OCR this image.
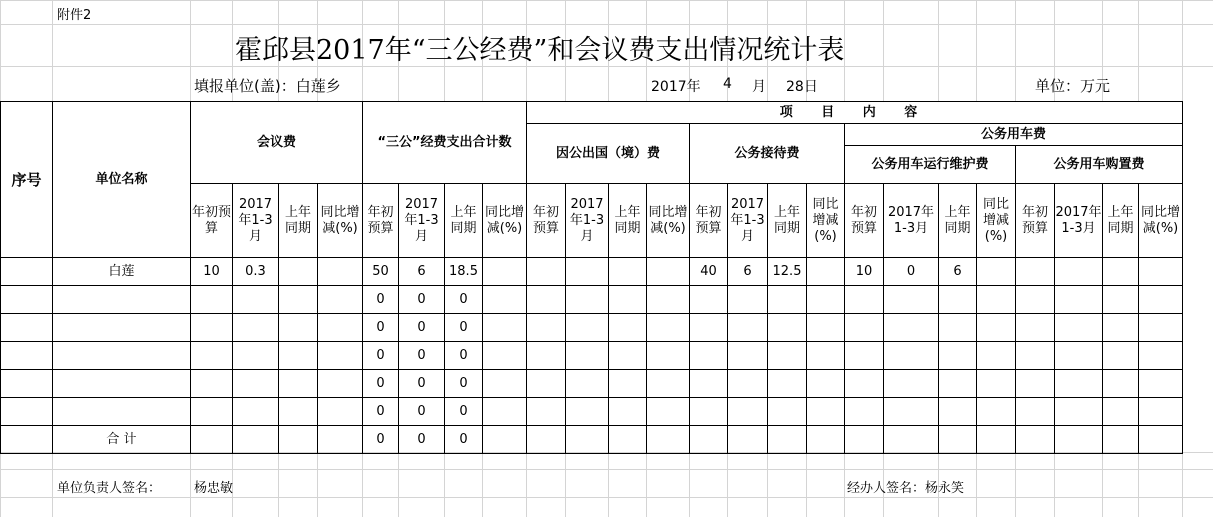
附件2
霍邱县2017年“三公经费”和会议费支出情况统计表
填报单位(盖)：白莲乡	2017年 4 月 28日	单位：万元
序号	单位名称	会议费				“三公”经费支出合计数				项 目 内 容															
										因公出国（境）费				公务接待费				公务用车费							
																		公务用车运行维护费				公务用车购置费			
		年初预算	2017年1-3月	上年同期	同比增减(%)	年初预算	2017年1-3月	上年同期	同比增减(%)	年初预算	2017年1-3月	上年同期	同比增减(%)	年初预算	2017年1-3月	上年同期	同比增减(%)	年初预算	2017年1-3月	上年同期	同比增减(%)	年初预算	2017年1-3月	上年同期	同比增减(%)
	白莲	10	0.3			50	6	18.5						40	6	12.5		10	0	6					
						0	0	0																	
						0	0	0																	
						0	0	0																	
						0	0	0																	
						0	0	0																	
	合 计					0	0	0																	
单位负责人签名：	杨忠敏	经办人签名：杨永笑
